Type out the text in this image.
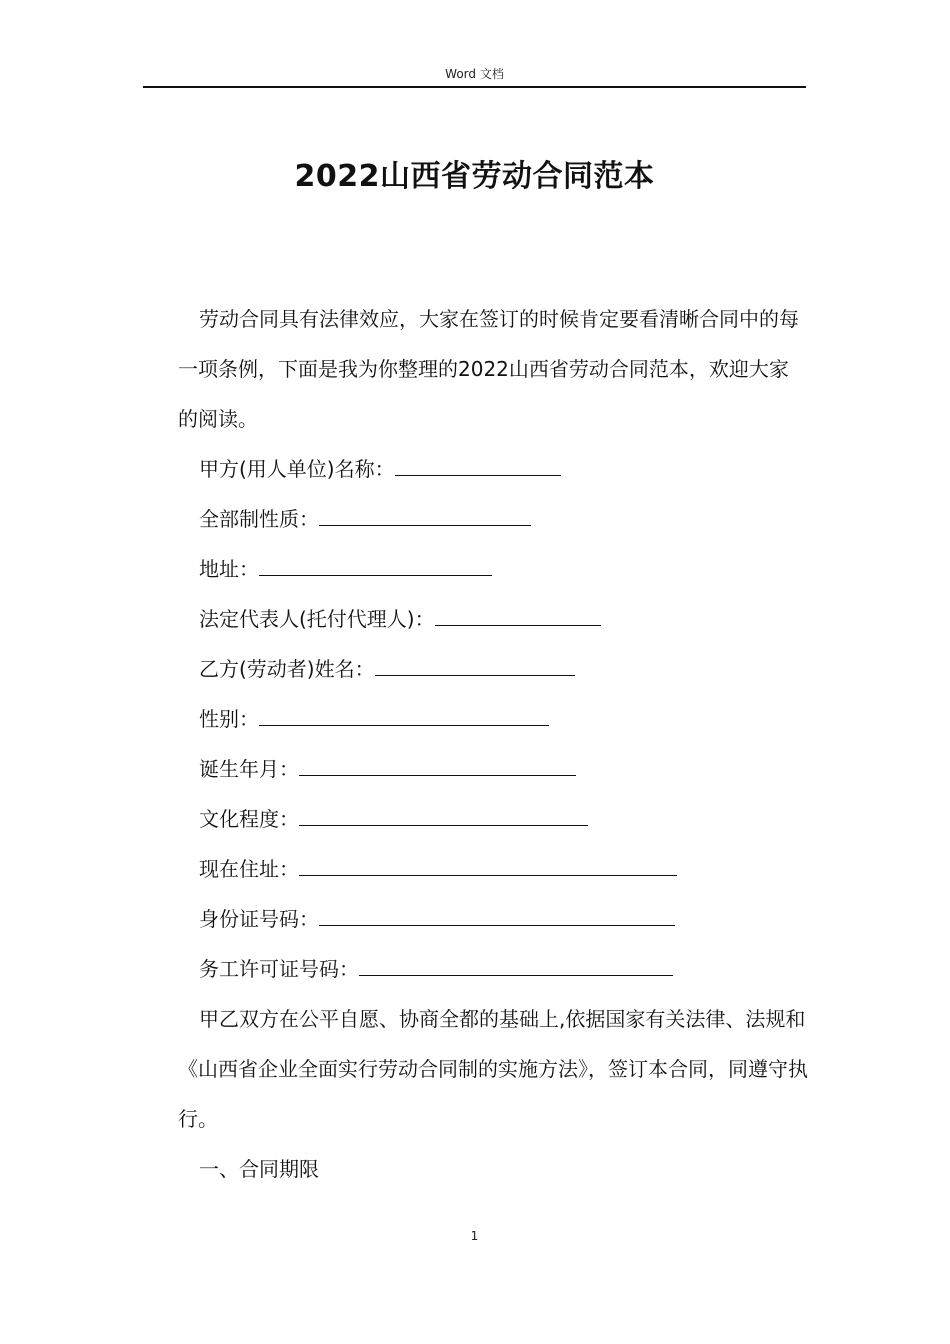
Word 文档
2022山西省劳动合同范本

劳动合同具有法律效应，大家在签订的时候肯定要看清晰合同中的每一项条例，下面是我为你整理的2022山西省劳动合同范本，欢迎大家的阅读。

甲方(用人单位)名称：
全部制性质：
地址：
法定代表人(托付代理人)：
乙方(劳动者)姓名：
性别：
诞生年月：
文化程度：
现在住址：
身份证号码：
务工许可证号码：

甲乙双方在公平自愿、协商全都的基础上,依据国家有关法律、法规和《山西省企业全面实行劳动合同制的实施方法》，签订本合同，同遵守执行。

一、合同期限
1
